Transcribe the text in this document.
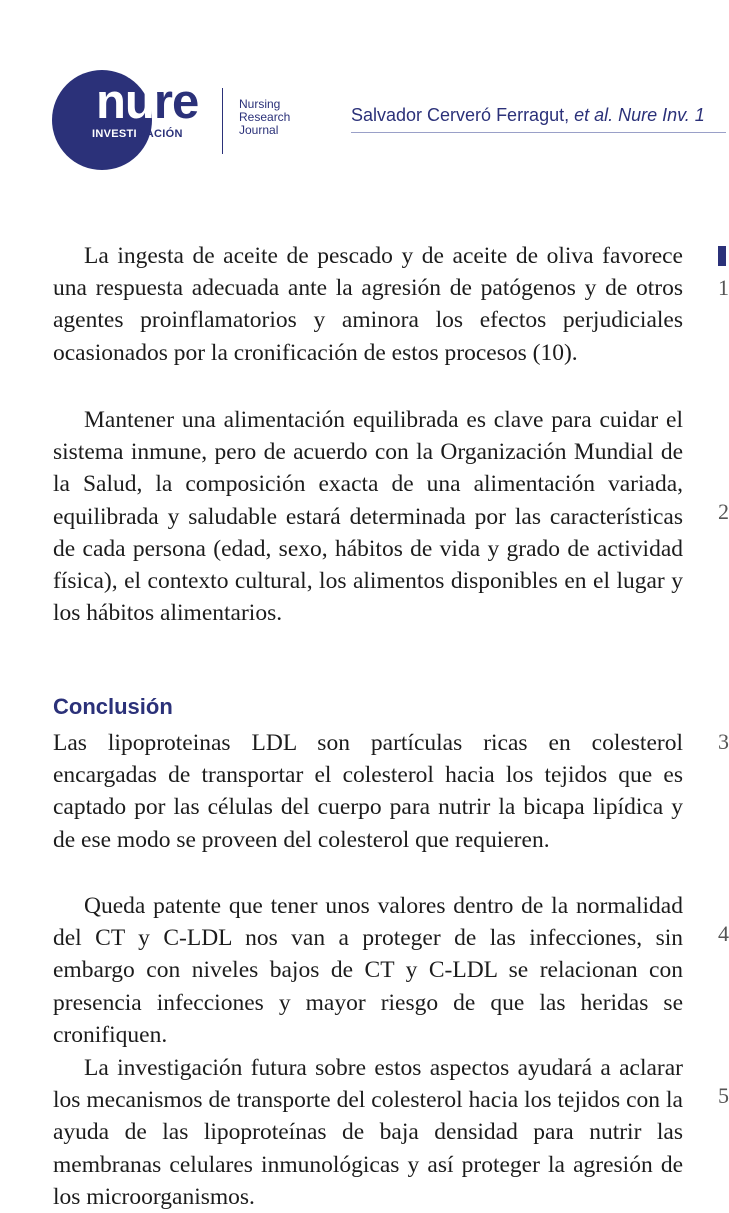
nure
INVESTIGACIÓN
Nursing
Research
Journal
Salvador Cerveró Ferragut, et al. Nure Inv. 1

La ingesta de aceite de pescado y de aceite de oliva favorece una respuesta adecuada ante la agresión de patógenos y de otros agentes proinflamatorios y aminora los efectos perjudiciales ocasionados por la cronificación de estos procesos (10).

Mantener una alimentación equilibrada es clave para cuidar el sistema inmune, pero de acuerdo con la Organización Mundial de la Salud, la composición exacta de una alimentación variada, equilibrada y saludable estará determinada por las características de cada persona (edad, sexo, hábitos de vida y grado de actividad física), el contexto cultural, los alimentos disponibles en el lugar y los hábitos alimentarios.

Conclusión

Las lipoproteinas LDL son partículas ricas en colesterol encargadas de transportar el colesterol hacia los tejidos que es captado por las células del cuerpo para nutrir la bicapa lipídica y de ese modo se proveen del colesterol que requieren.

Queda patente que tener unos valores dentro de la normalidad del CT y C-LDL nos van a proteger de las infecciones, sin embargo con niveles bajos de CT y C-LDL se relacionan con presencia infecciones y mayor riesgo de que las heridas se cronifiquen.

La investigación futura sobre estos aspectos ayudará a aclarar los mecanismos de transporte del colesterol hacia los tejidos con la ayuda de las lipoproteínas de baja densidad para nutrir las membranas celulares inmunológicas y así proteger la agresión de los microorganismos.

1
2
3
4
5
